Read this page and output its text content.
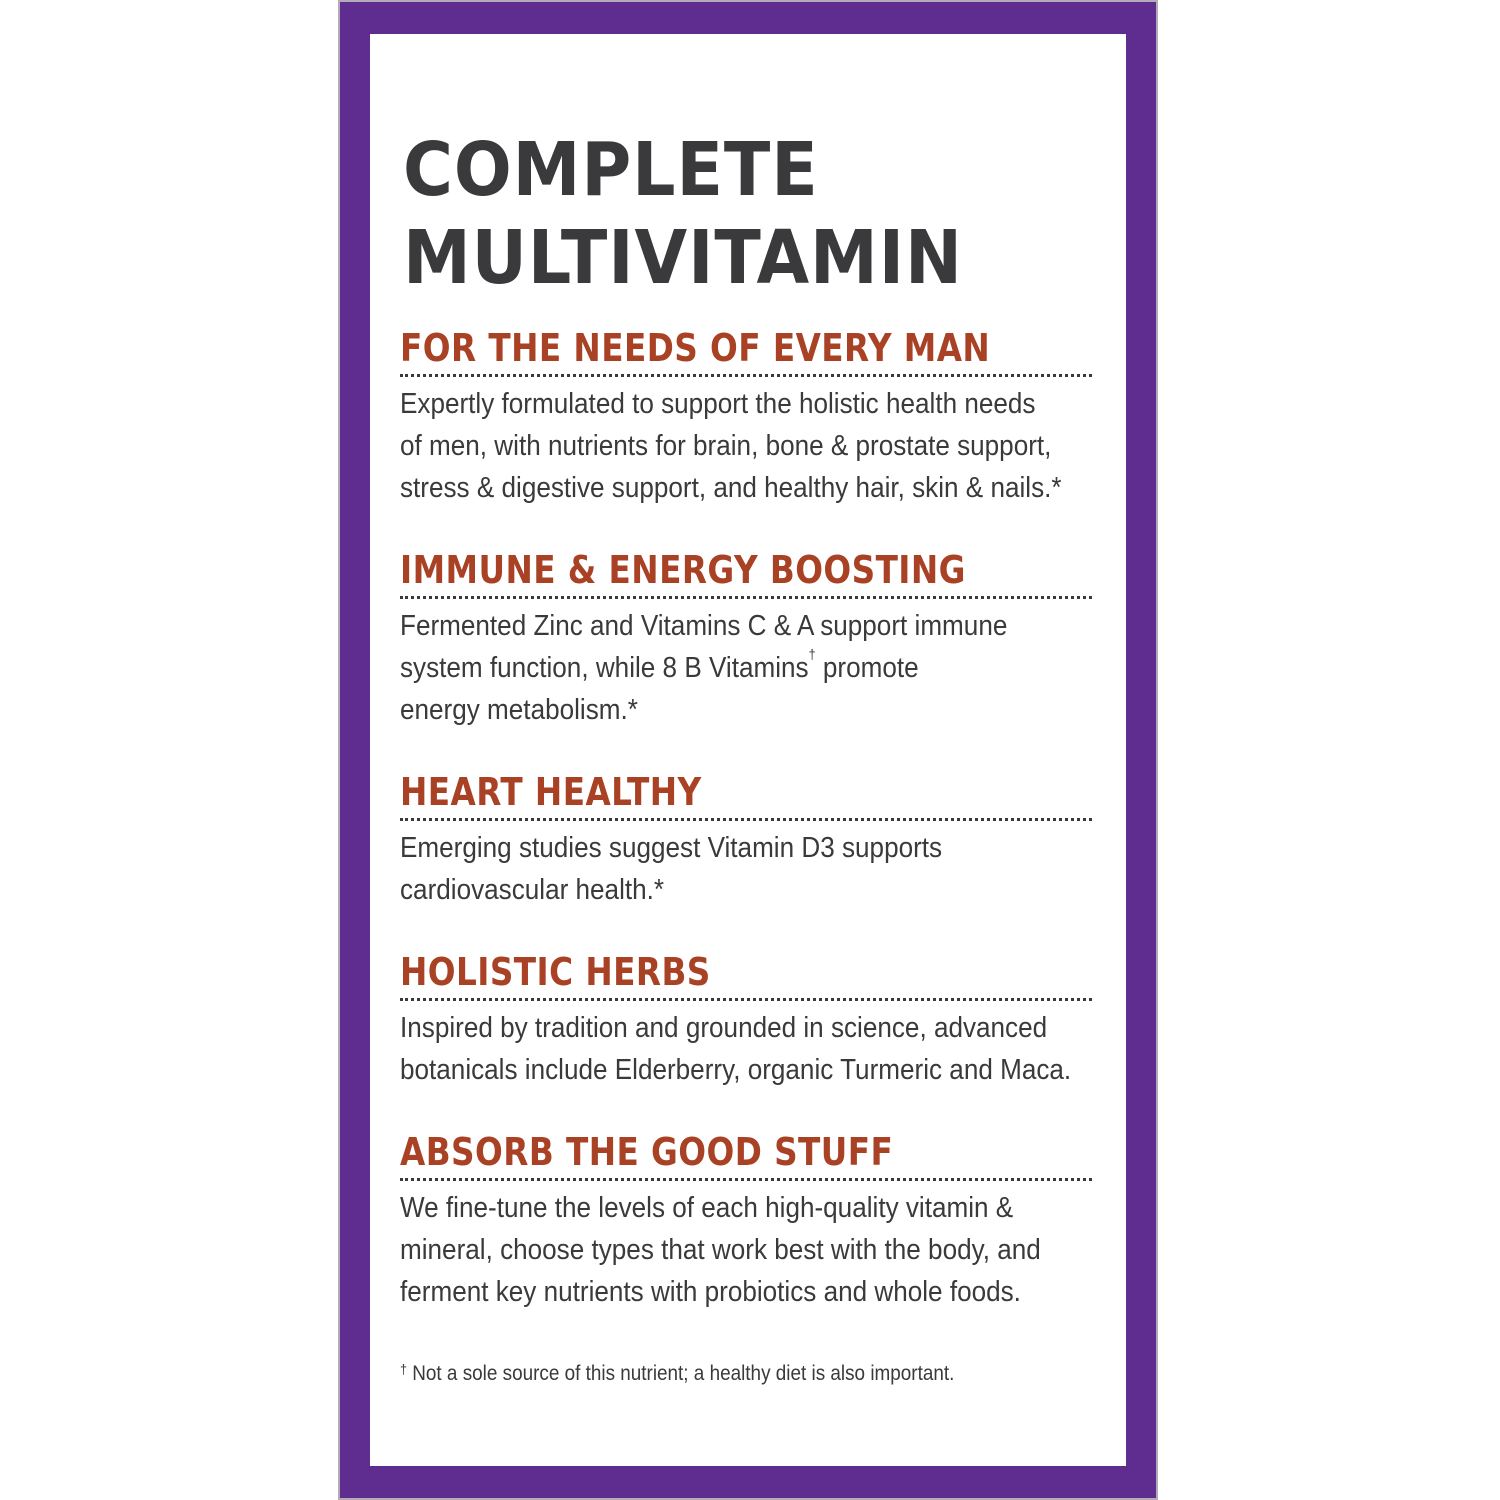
COMPLETE
MULTIVITAMIN
FOR THE NEEDS OF EVERY MAN

Expertly formulated to support the holistic health needs

of men, with nutrients for brain, bone & prostate support,

stress & digestive support, and healthy hair, skin & nails.*

IMMUNE & ENERGY BOOSTING

Fermented Zinc and Vitamins C & A support immune

system function, while 8 B Vitamins† promote

energy metabolism.*

HEART HEALTHY

Emerging studies suggest Vitamin D3 supports

cardiovascular health.*

HOLISTIC HERBS

Inspired by tradition and grounded in science, advanced

botanicals include Elderberry, organic Turmeric and Maca.

ABSORB THE GOOD STUFF

We fine-tune the levels of each high-quality vitamin &

mineral, choose types that work best with the body, and

ferment key nutrients with probiotics and whole foods.

† Not a sole source of this nutrient; a healthy diet is also important.
